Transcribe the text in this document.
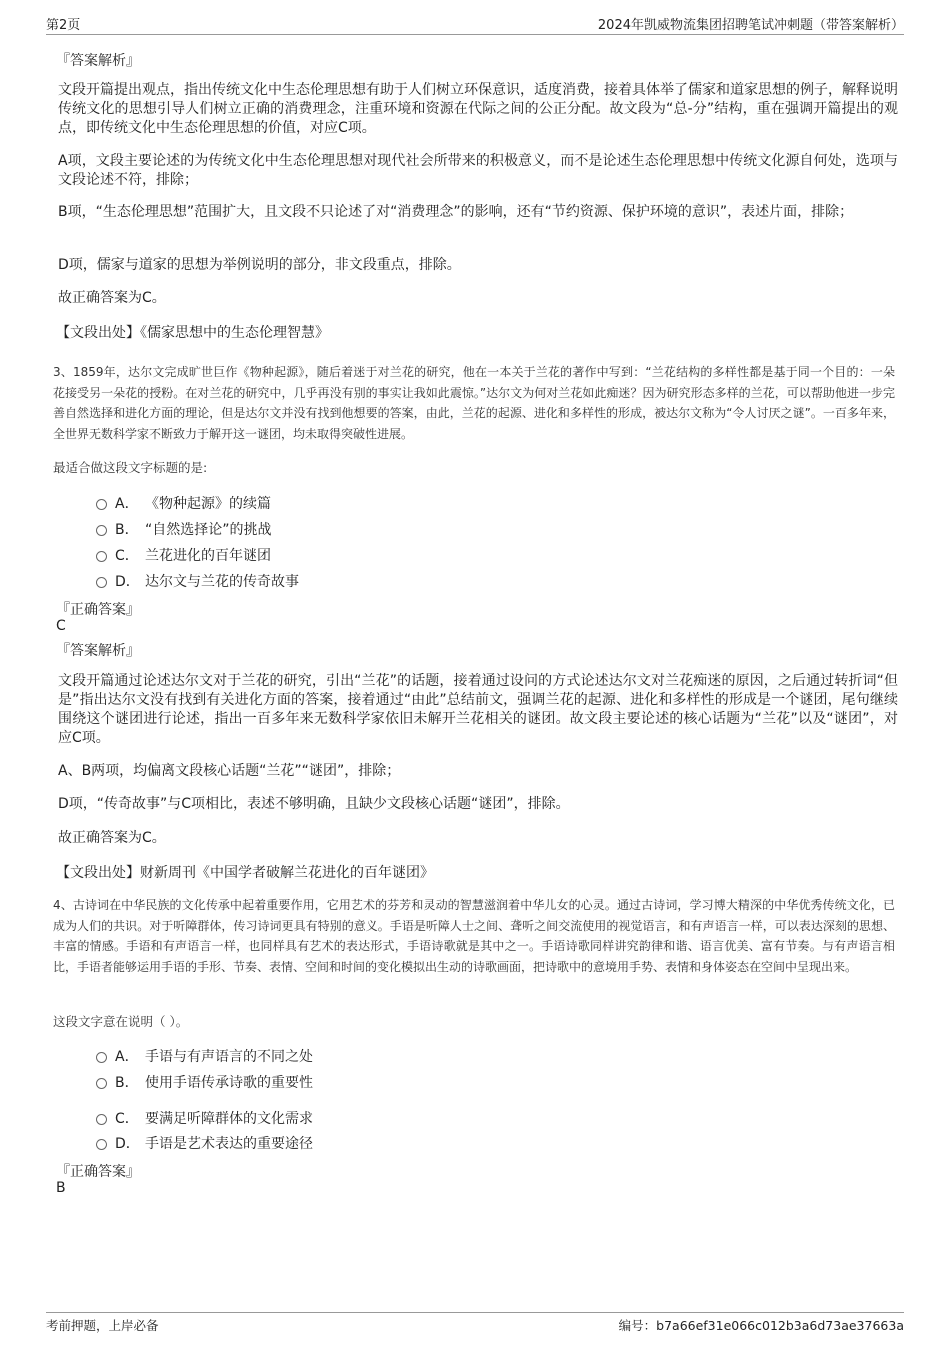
第2页	2024年凯威物流集团招聘笔试冲刺题（带答案解析）
『答案解析』
文段开篇提出观点，指出传统文化中生态伦理思想有助于人们树立环保意识，适度消费，接着具体举了儒家和道家思想的例子，解释说明传统文化的思想引导人们树立正确的消费理念，注重环境和资源在代际之间的公正分配。故文段为“总-分”结构，重在强调开篇提出的观点，即传统文化中生态伦理思想的价值，对应C项。
A项，文段主要论述的为传统文化中生态伦理思想对现代社会所带来的积极意义，而不是论述生态伦理思想中传统文化源自何处，选项与文段论述不符，排除；
B项，“生态伦理思想”范围扩大，且文段不只论述了对“消费理念”的影响，还有“节约资源、保护环境的意识”，表述片面，排除；
D项，儒家与道家的思想为举例说明的部分，非文段重点，排除。
故正确答案为C。
【文段出处】《儒家思想中的生态伦理智慧》
3、1859年，达尔文完成旷世巨作《物种起源》，随后着迷于对兰花的研究，他在一本关于兰花的著作中写到：“兰花结构的多样性都是基于同一个目的：一朵花接受另一朵花的授粉。在对兰花的研究中，几乎再没有别的事实让我如此震惊。”达尔文为何对兰花如此痴迷？因为研究形态多样的兰花，可以帮助他进一步完善自然选择和进化方面的理论，但是达尔文并没有找到他想要的答案，由此，兰花的起源、进化和多样性的形成，被达尔文称为“令人讨厌之谜”。一百多年来，全世界无数科学家不断致力于解开这一谜团，均未取得突破性进展。
最适合做这段文字标题的是:
A． 《物种起源》的续篇
B． “自然选择论”的挑战
C． 兰花进化的百年谜团
D． 达尔文与兰花的传奇故事
『正确答案』
C
『答案解析』
文段开篇通过论述达尔文对于兰花的研究，引出“兰花”的话题，接着通过设问的方式论述达尔文对兰花痴迷的原因，之后通过转折词“但是”指出达尔文没有找到有关进化方面的答案，接着通过“由此”总结前文，强调兰花的起源、进化和多样性的形成是一个谜团，尾句继续围绕这个谜团进行论述，指出一百多年来无数科学家依旧未解开兰花相关的谜团。故文段主要论述的核心话题为“兰花”以及“谜团”，对应C项。
A、B两项，均偏离文段核心话题“兰花”“谜团”，排除；
D项，“传奇故事”与C项相比，表述不够明确，且缺少文段核心话题“谜团”，排除。
故正确答案为C。
【文段出处】财新周刊《中国学者破解兰花进化的百年谜团》
4、古诗词在中华民族的文化传承中起着重要作用，它用艺术的芬芳和灵动的智慧滋润着中华儿女的心灵。通过古诗词，学习博大精深的中华优秀传统文化，已成为人们的共识。对于听障群体，传习诗词更具有特别的意义。手语是听障人士之间、聋听之间交流使用的视觉语言，和有声语言一样，可以表达深刻的思想、丰富的情感。手语和有声语言一样，也同样具有艺术的表达形式，手语诗歌就是其中之一。手语诗歌同样讲究韵律和谐、语言优美、富有节奏。与有声语言相比，手语者能够运用手语的手形、节奏、表情、空间和时间的变化模拟出生动的诗歌画面，把诗歌中的意境用手势、表情和身体姿态在空间中呈现出来。
这段文字意在说明（ ）。
A． 手语与有声语言的不同之处
B． 使用手语传承诗歌的重要性
C． 要满足听障群体的文化需求
D． 手语是艺术表达的重要途径
『正确答案』
B
考前押题，上岸必备	编号：b7a66ef31e066c012b3a6d73ae37663a
